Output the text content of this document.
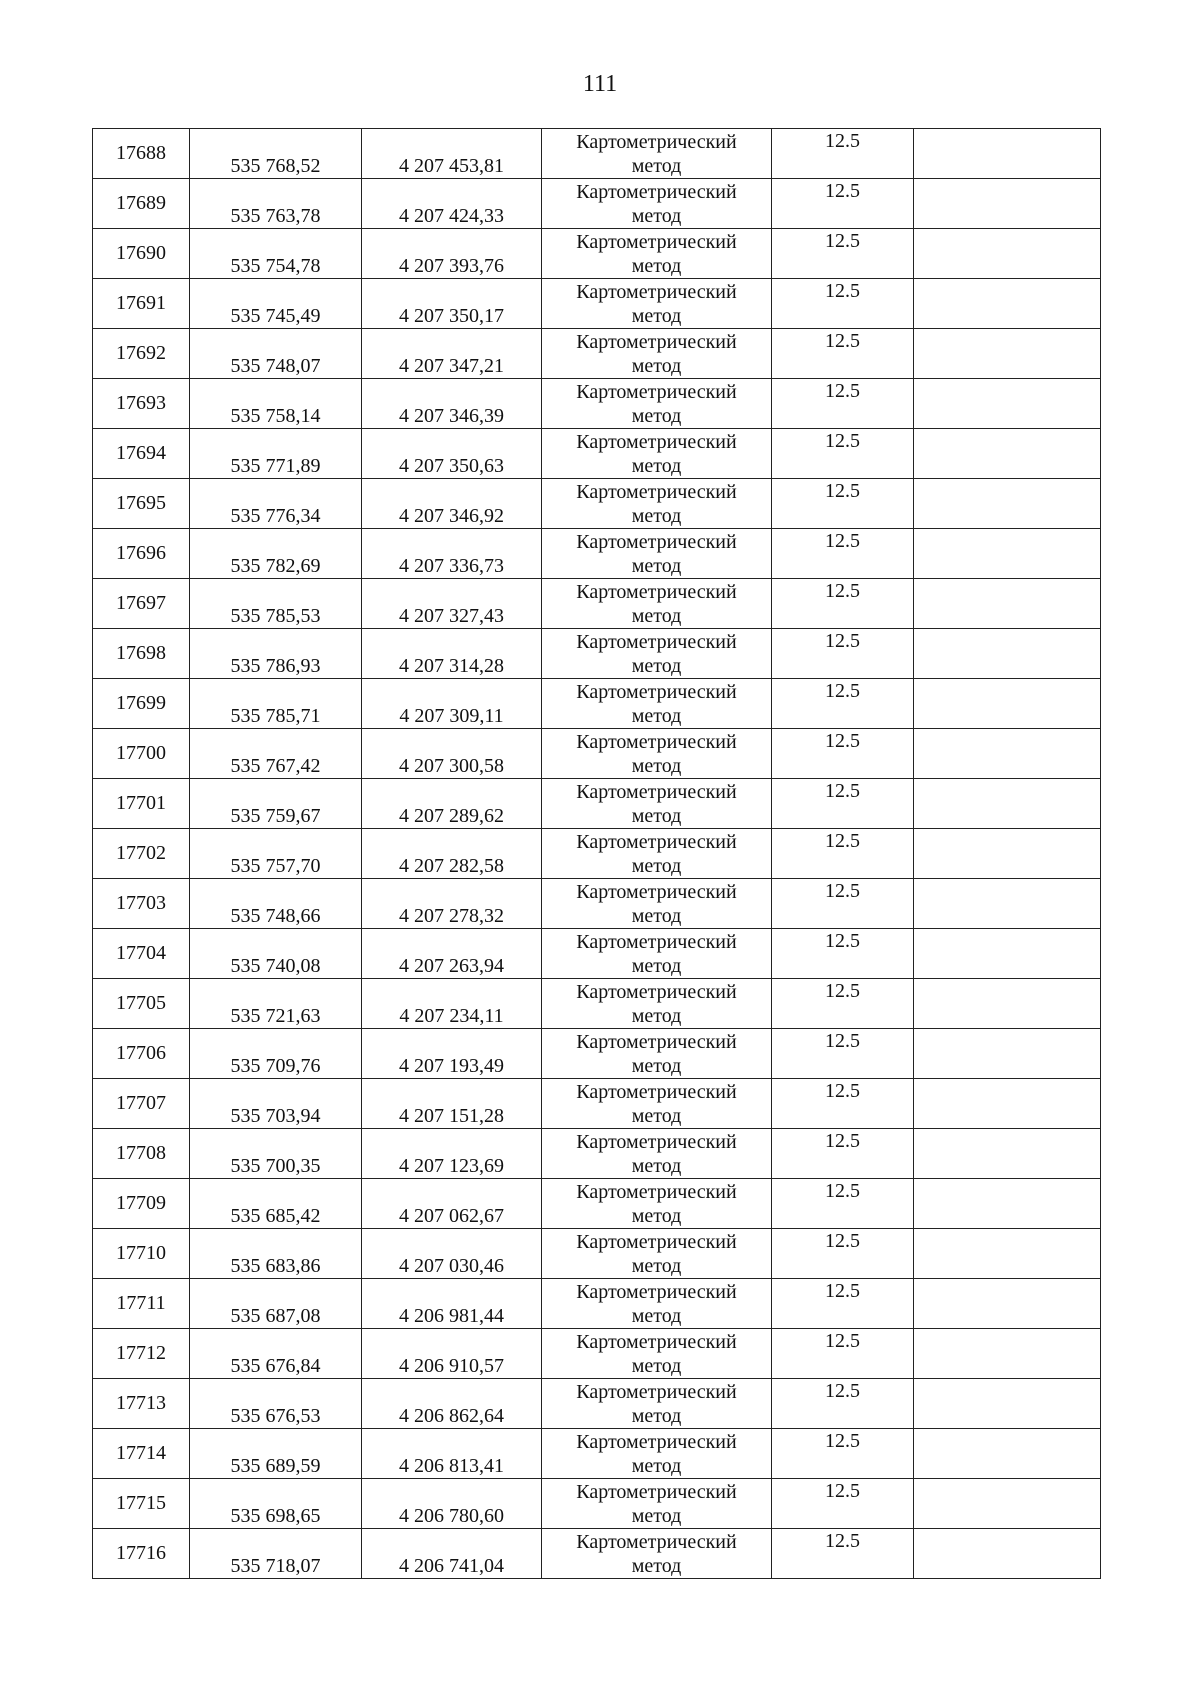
111
17688	535 768,52	4 207 453,81	Картометрический
метод	12.5	
17689	535 763,78	4 207 424,33	Картометрический
метод	12.5	
17690	535 754,78	4 207 393,76	Картометрический
метод	12.5	
17691	535 745,49	4 207 350,17	Картометрический
метод	12.5	
17692	535 748,07	4 207 347,21	Картометрический
метод	12.5	
17693	535 758,14	4 207 346,39	Картометрический
метод	12.5	
17694	535 771,89	4 207 350,63	Картометрический
метод	12.5	
17695	535 776,34	4 207 346,92	Картометрический
метод	12.5	
17696	535 782,69	4 207 336,73	Картометрический
метод	12.5	
17697	535 785,53	4 207 327,43	Картометрический
метод	12.5	
17698	535 786,93	4 207 314,28	Картометрический
метод	12.5	
17699	535 785,71	4 207 309,11	Картометрический
метод	12.5	
17700	535 767,42	4 207 300,58	Картометрический
метод	12.5	
17701	535 759,67	4 207 289,62	Картометрический
метод	12.5	
17702	535 757,70	4 207 282,58	Картометрический
метод	12.5	
17703	535 748,66	4 207 278,32	Картометрический
метод	12.5	
17704	535 740,08	4 207 263,94	Картометрический
метод	12.5	
17705	535 721,63	4 207 234,11	Картометрический
метод	12.5	
17706	535 709,76	4 207 193,49	Картометрический
метод	12.5	
17707	535 703,94	4 207 151,28	Картометрический
метод	12.5	
17708	535 700,35	4 207 123,69	Картометрический
метод	12.5	
17709	535 685,42	4 207 062,67	Картометрический
метод	12.5	
17710	535 683,86	4 207 030,46	Картометрический
метод	12.5	
17711	535 687,08	4 206 981,44	Картометрический
метод	12.5	
17712	535 676,84	4 206 910,57	Картометрический
метод	12.5	
17713	535 676,53	4 206 862,64	Картометрический
метод	12.5	
17714	535 689,59	4 206 813,41	Картометрический
метод	12.5	
17715	535 698,65	4 206 780,60	Картометрический
метод	12.5	
17716	535 718,07	4 206 741,04	Картометрический
метод	12.5	
